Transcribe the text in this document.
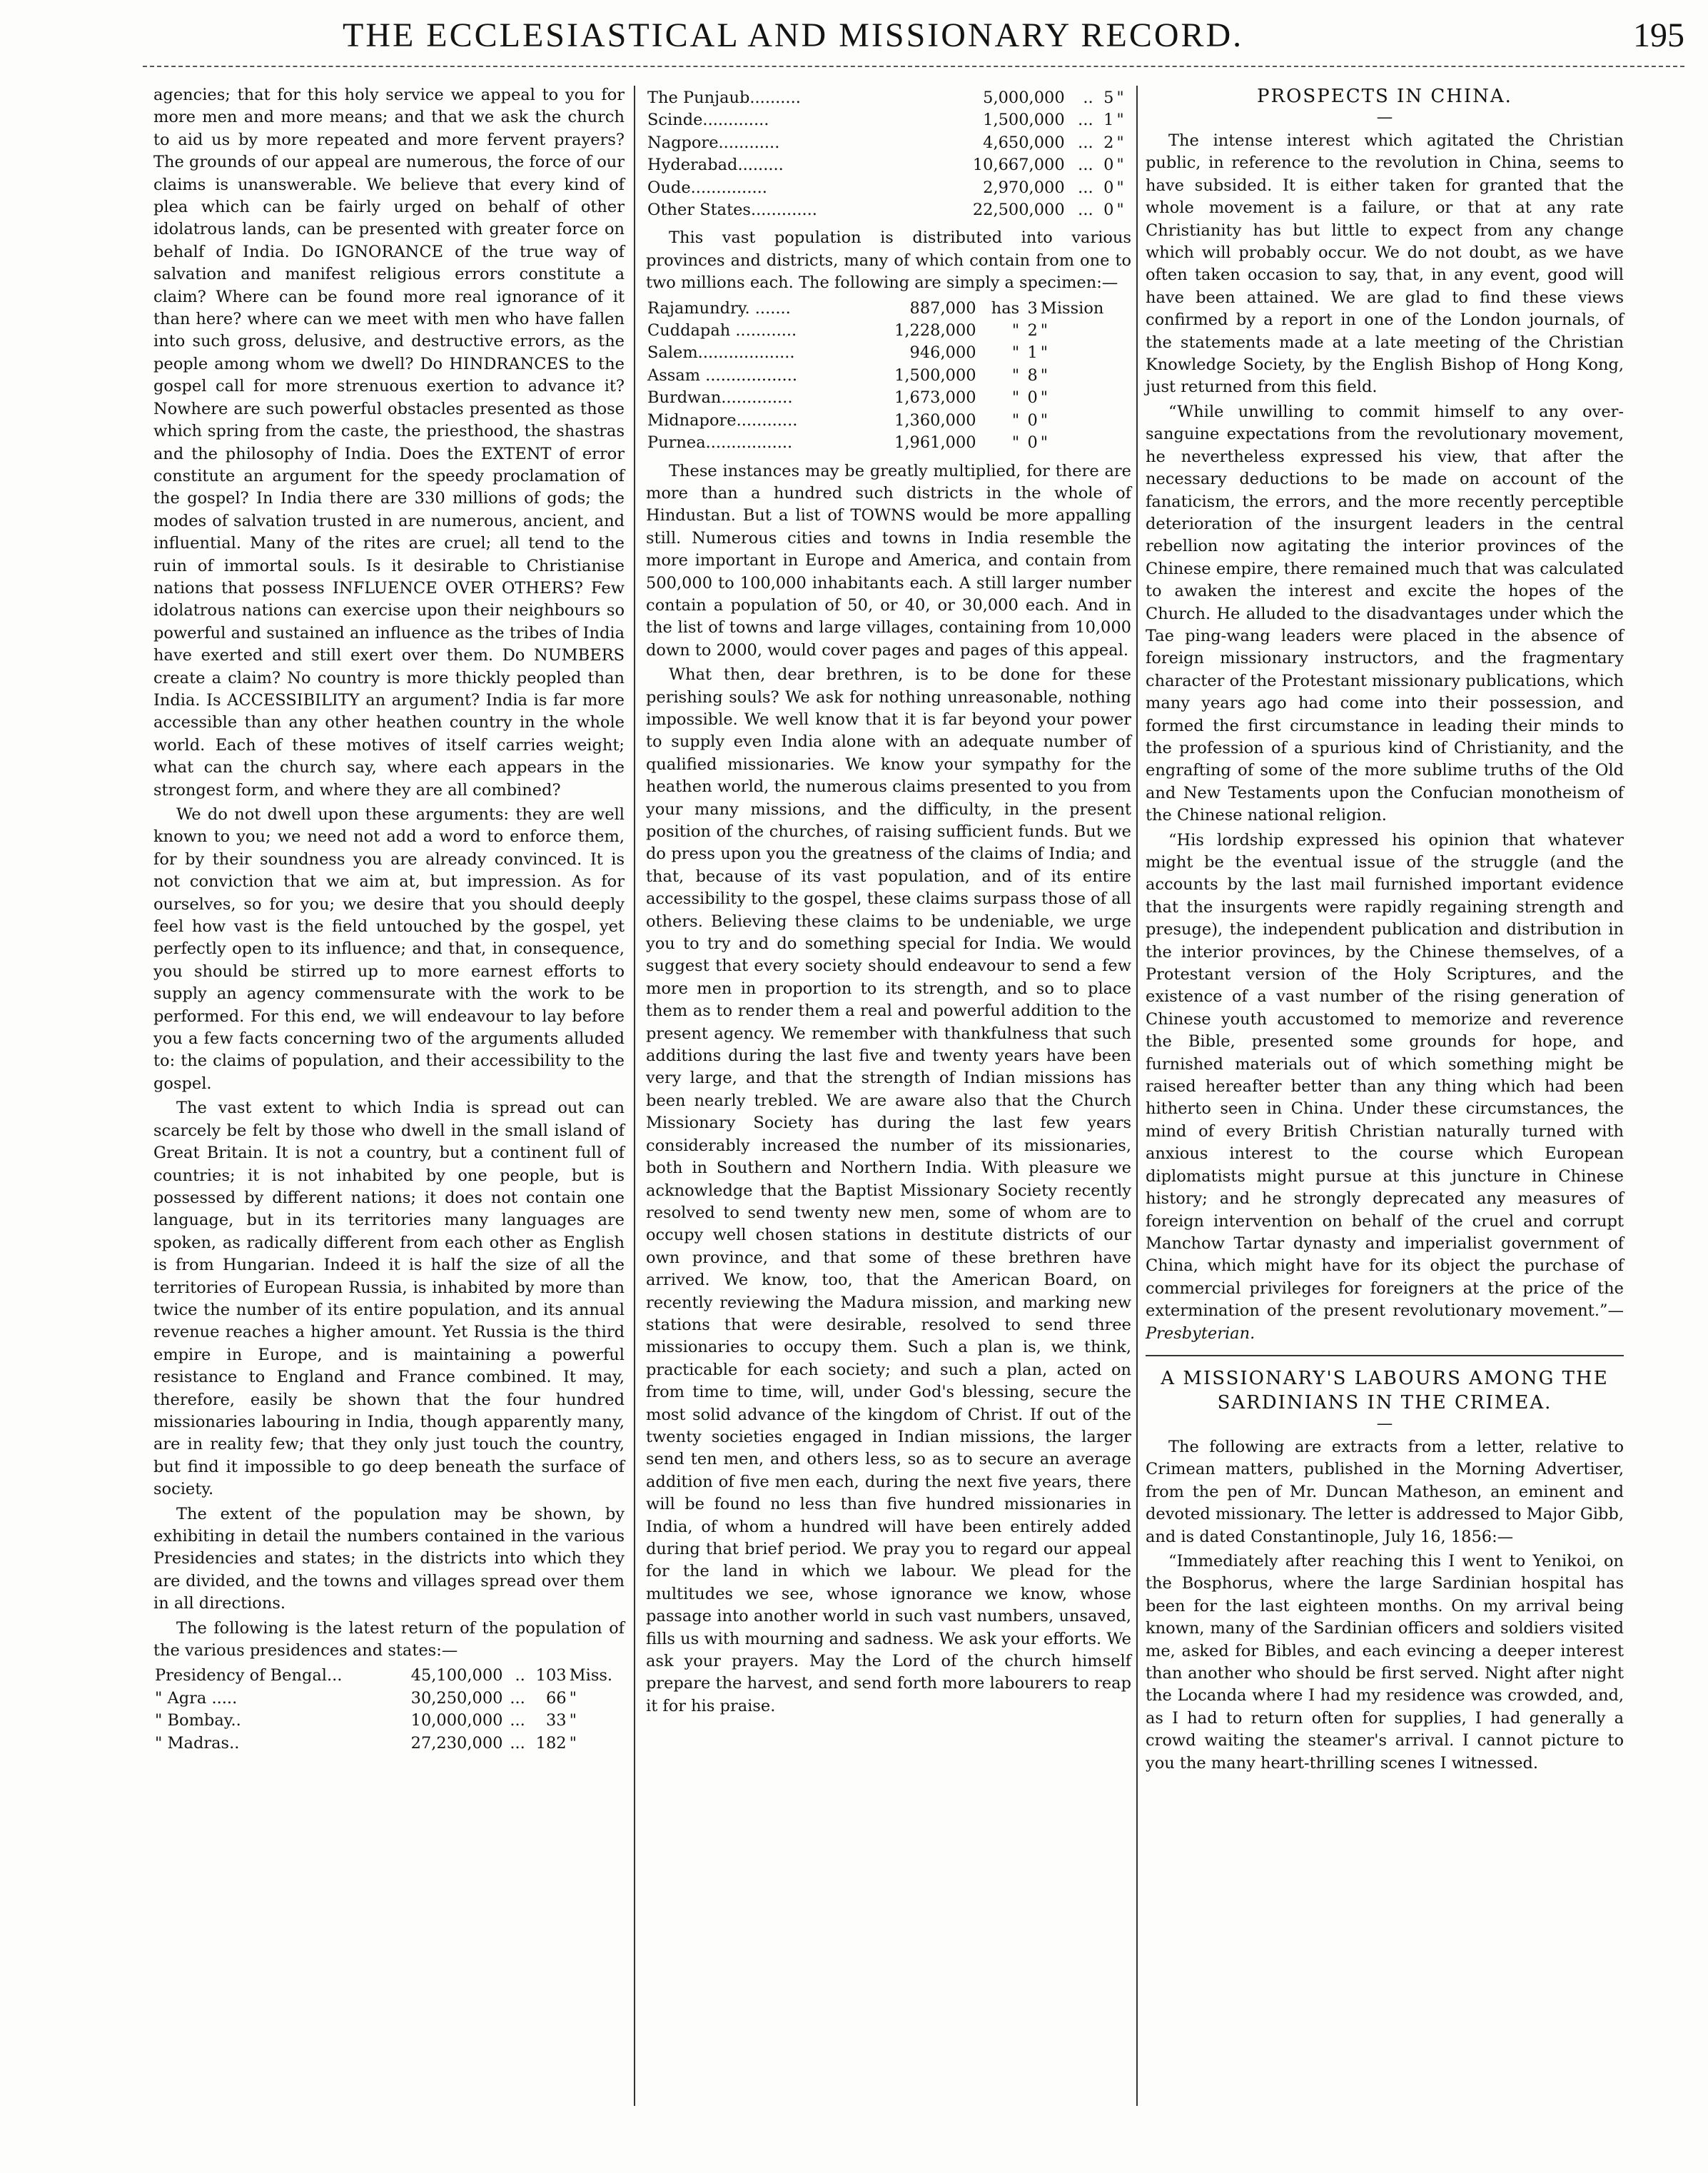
THE ECCLESIASTICAL AND MISSIONARY RECORD.	195

agencies; that for this holy service we appeal to you for more men and more means; and that we ask the church to aid us by more repeated and more fervent prayers? The grounds of our appeal are numerous, the force of our claims is unanswerable. We believe that every kind of plea which can be fairly urged on behalf of other idolatrous lands, can be presented with greater force on behalf of India. Do IGNORANCE of the true way of salvation and manifest religious errors constitute a claim? Where can be found more real ignorance of it than here? where can we meet with men who have fallen into such gross, delusive, and destructive errors, as the people among whom we dwell? Do HINDRANCES to the gospel call for more strenuous exertion to advance it? Nowhere are such powerful obstacles presented as those which spring from the caste, the priesthood, the shastras and the philosophy of India. Does the EXTENT of error constitute an argument for the speedy proclamation of the gospel? In India there are 330 millions of gods; the modes of salvation trusted in are numerous, ancient, and influential. Many of the rites are cruel; all tend to the ruin of immortal souls. Is it desirable to Christianise nations that possess INFLUENCE OVER OTHERS? Few idolatrous nations can exercise upon their neighbours so powerful and sustained an influence as the tribes of India have exerted and still exert over them. Do NUMBERS create a claim? No country is more thickly peopled than India. Is ACCESSIBILITY an argument? India is far more accessible than any other heathen country in the whole world. Each of these motives of itself carries weight; what can the church say, where each appears in the strongest form, and where they are all combined?

We do not dwell upon these arguments: they are well known to you; we need not add a word to enforce them, for by their soundness you are already convinced. It is not conviction that we aim at, but impression. As for ourselves, so for you; we desire that you should deeply feel how vast is the field untouched by the gospel, yet perfectly open to its influence; and that, in consequence, you should be stirred up to more earnest efforts to supply an agency commensurate with the work to be performed. For this end, we will endeavour to lay before you a few facts concerning two of the arguments alluded to: the claims of population, and their accessibility to the gospel.

The vast extent to which India is spread out can scarcely be felt by those who dwell in the small island of Great Britain. It is not a country, but a continent full of countries; it is not inhabited by one people, but is possessed by different nations; it does not contain one language, but in its territories many languages are spoken, as radically different from each other as English is from Hungarian. Indeed it is half the size of all the territories of European Russia, is inhabited by more than twice the number of its entire population, and its annual revenue reaches a higher amount. Yet Russia is the third empire in Europe, and is maintaining a powerful resistance to England and France combined. It may, therefore, easily be shown that the four hundred missionaries labouring in India, though apparently many, are in reality few; that they only just touch the country, but find it impossible to go deep beneath the surface of society.

The extent of the population may be shown, by exhibiting in detail the numbers contained in the various Presidencies and states; in the districts into which they are divided, and the towns and villages spread over them in all directions.

The following is the latest return of the population of the various presidences and states:—

Presidency of Bengal...	45,100,000	..	103	Miss.
" Agra .....	30,250,000	...	66	"
" Bombay..	10,000,000	...	33	"
" Madras..	27,230,000	...	182	"
The Punjaub..........	5,000,000	..	5	"
Scinde.............	1,500,000	...	1	"
Nagpore............	4,650,000	...	2	"
Hyderabad.........	10,667,000	...	0	"
Oude...............	2,970,000	...	0	"
Other States.............	22,500,000	...	0	"

This vast population is distributed into various provinces and districts, many of which contain from one to two millions each. The following are simply a specimen:—

Rajamundry. .......	887,000	has	3	Mission
Cuddapah ............	1,228,000	"	2	"
Salem...................	946,000	"	1	"
Assam ..................	1,500,000	"	8	"
Burdwan..............	1,673,000	"	0	"
Midnapore............	1,360,000	"	0	"
Purnea.................	1,961,000	"	0	"

These instances may be greatly multiplied, for there are more than a hundred such districts in the whole of Hindustan. But a list of TOWNS would be more appalling still. Numerous cities and towns in India resemble the more important in Europe and America, and contain from 500,000 to 100,000 inhabitants each. A still larger number contain a population of 50, or 40, or 30,000 each. And in the list of towns and large villages, containing from 10,000 down to 2000, would cover pages and pages of this appeal.

What then, dear brethren, is to be done for these perishing souls? We ask for nothing unreasonable, nothing impossible. We well know that it is far beyond your power to supply even India alone with an adequate number of qualified missionaries. We know your sympathy for the heathen world, the numerous claims presented to you from your many missions, and the difficulty, in the present position of the churches, of raising sufficient funds. But we do press upon you the greatness of the claims of India; and that, because of its vast population, and of its entire accessibility to the gospel, these claims surpass those of all others. Believing these claims to be undeniable, we urge you to try and do something special for India. We would suggest that every society should endeavour to send a few more men in proportion to its strength, and so to place them as to render them a real and powerful addition to the present agency. We remember with thankfulness that such additions during the last five and twenty years have been very large, and that the strength of Indian missions has been nearly trebled. We are aware also that the Church Missionary Society has during the last few years considerably increased the number of its missionaries, both in Southern and Northern India. With pleasure we acknowledge that the Baptist Missionary Society recently resolved to send twenty new men, some of whom are to occupy well chosen stations in destitute districts of our own province, and that some of these brethren have arrived. We know, too, that the American Board, on recently reviewing the Madura mission, and marking new stations that were desirable, resolved to send three missionaries to occupy them. Such a plan is, we think, practicable for each society; and such a plan, acted on from time to time, will, under God's blessing, secure the most solid advance of the kingdom of Christ. If out of the twenty societies engaged in Indian missions, the larger send ten men, and others less, so as to secure an average addition of five men each, during the next five years, there will be found no less than five hundred missionaries in India, of whom a hundred will have been entirely added during that brief period. We pray you to regard our appeal for the land in which we labour. We plead for the multitudes we see, whose ignorance we know, whose passage into another world in such vast numbers, unsaved, fills us with mourning and sadness. We ask your efforts. We ask your prayers. May the Lord of the church himself prepare the harvest, and send forth more labourers to reap it for his praise.

PROSPECTS IN CHINA.
—

The intense interest which agitated the Christian public, in reference to the revolution in China, seems to have subsided. It is either taken for granted that the whole movement is a failure, or that at any rate Christianity has but little to expect from any change which will probably occur. We do not doubt, as we have often taken occasion to say, that, in any event, good will have been attained. We are glad to find these views confirmed by a report in one of the London journals, of the statements made at a late meeting of the Christian Knowledge Society, by the English Bishop of Hong Kong, just returned from this field.

“While unwilling to commit himself to any over-sanguine expectations from the revolutionary movement, he nevertheless expressed his view, that after the necessary deductions to be made on account of the fanaticism, the errors, and the more recently perceptible deterioration of the insurgent leaders in the central rebellion now agitating the interior provinces of the Chinese empire, there remained much that was calculated to awaken the interest and excite the hopes of the Church. He alluded to the disadvantages under which the Tae ping-wang leaders were placed in the absence of foreign missionary instructors, and the fragmentary character of the Protestant missionary publications, which many years ago had come into their possession, and formed the first circumstance in leading their minds to the profession of a spurious kind of Christianity, and the engrafting of some of the more sublime truths of the Old and New Testaments upon the Confucian monotheism of the Chinese national religion.

“His lordship expressed his opinion that whatever might be the eventual issue of the struggle (and the accounts by the last mail furnished important evidence that the insurgents were rapidly regaining strength and presuge), the independent publication and distribution in the interior provinces, by the Chinese themselves, of a Protestant version of the Holy Scriptures, and the existence of a vast number of the rising generation of Chinese youth accustomed to memorize and reverence the Bible, presented some grounds for hope, and furnished materials out of which something might be raised hereafter better than any thing which had been hitherto seen in China. Under these circumstances, the mind of every British Christian naturally turned with anxious interest to the course which European diplomatists might pursue at this juncture in Chinese history; and he strongly deprecated any measures of foreign intervention on behalf of the cruel and corrupt Manchow Tartar dynasty and imperialist government of China, which might have for its object the purchase of commercial privileges for foreigners at the price of the extermination of the present revolutionary movement.”—Presbyterian.

A MISSIONARY'S LABOURS AMONG THE SARDINIANS IN THE CRIMEA.
—

The following are extracts from a letter, relative to Crimean matters, published in the Morning Advertiser, from the pen of Mr. Duncan Matheson, an eminent and devoted missionary. The letter is addressed to Major Gibb, and is dated Constantinople, July 16, 1856:—

“Immediately after reaching this I went to Yenikoi, on the Bosphorus, where the large Sardinian hospital has been for the last eighteen months. On my arrival being known, many of the Sardinian officers and soldiers visited me, asked for Bibles, and each evincing a deeper interest than another who should be first served. Night after night the Locanda where I had my residence was crowded, and, as I had to return often for supplies, I had generally a crowd waiting the steamer's arrival. I cannot picture to you the many heart-thrilling scenes I witnessed.
